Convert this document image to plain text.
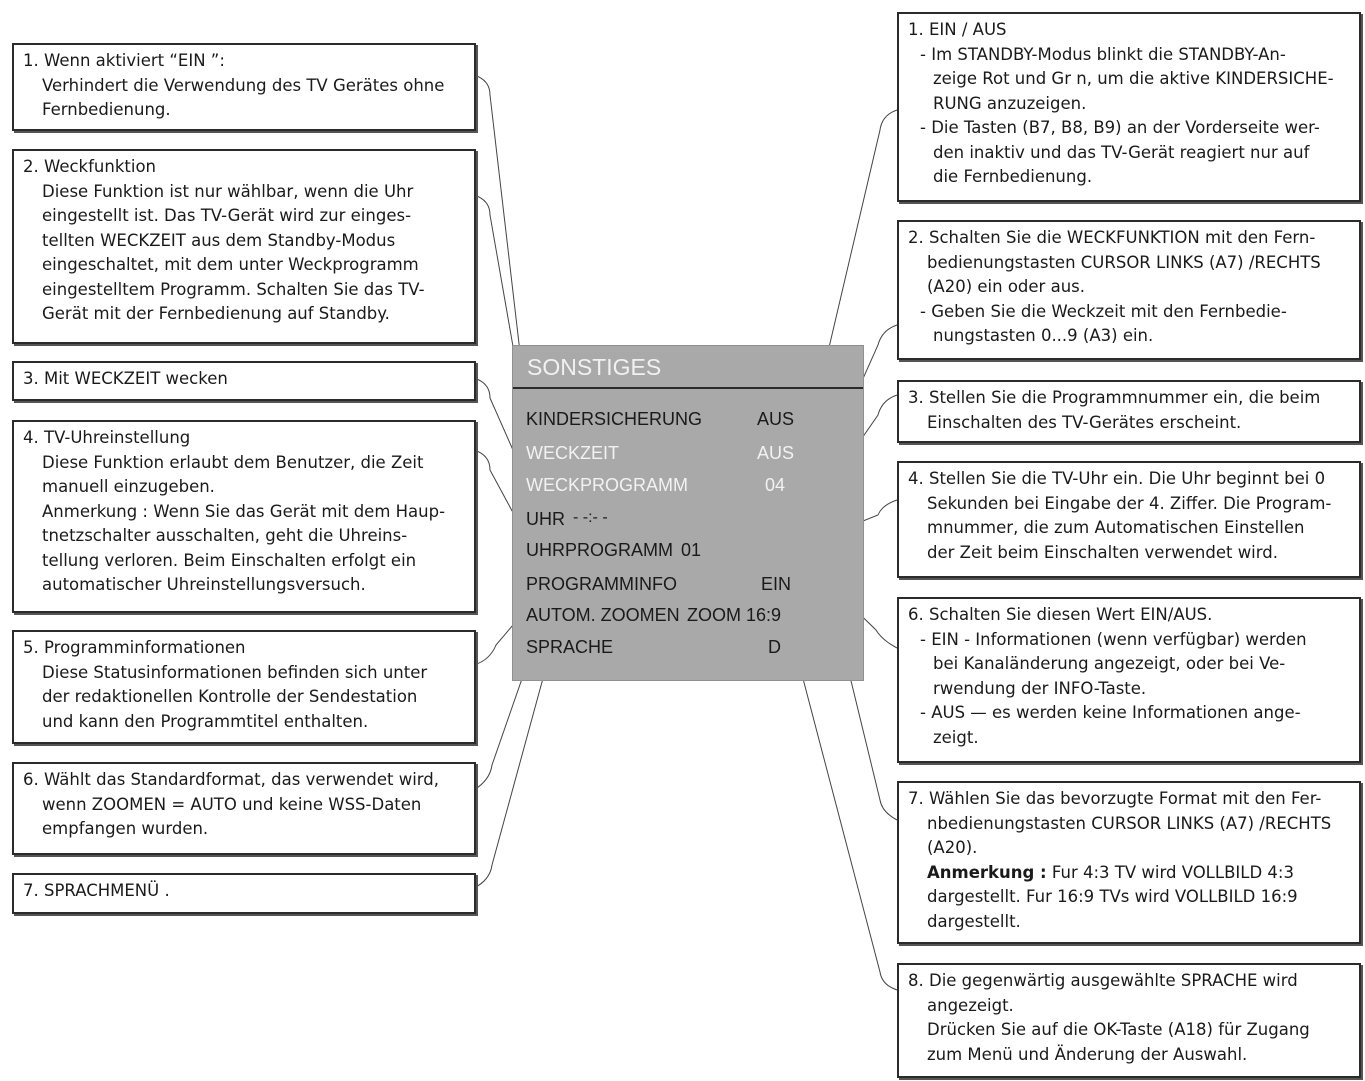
1. Wenn aktiviert “EIN ”:
Verhindert die Verwendung des TV Gerätes ohne
Fernbedienung.
2. Weckfunktion
Diese Funktion ist nur wählbar, wenn die Uhr
eingestellt ist. Das TV-Gerät wird zur einges-
tellten WECKZEIT aus dem Standby-Modus
eingeschaltet, mit dem unter Weckprogramm
eingestelltem Programm. Schalten Sie das TV-
Gerät mit der Fernbedienung auf Standby.
3. Mit WECKZEIT wecken
4. TV-Uhreinstellung
Diese Funktion erlaubt dem Benutzer, die Zeit
manuell einzugeben.
Anmerkung : Wenn Sie das Gerät mit dem Haup-
tnetzschalter ausschalten, geht die Uhreins-
tellung verloren. Beim Einschalten erfolgt ein
automatischer Uhreinstellungsversuch.
5. Programminformationen
Diese Statusinformationen befinden sich unter
der redaktionellen Kontrolle der Sendestation
und kann den Programmtitel enthalten.
6. Wählt das Standardformat, das verwendet wird,
wenn ZOOMEN = AUTO und keine WSS-Daten
empfangen wurden.
7. SPRACHMENÜ .
SONSTIGES
KINDERSICHERUNG	AUS
WECKZEIT	AUS
WECKPROGRAMM	04
UHR - -:- -
UHRPROGRAMM 01
PROGRAMMINFO	EIN
AUTOM. ZOOMEN ZOOM 16:9
SPRACHE	D
1. EIN / AUS
- Im STANDBY-Modus blinkt die STANDBY-An-
zeige Rot und Gr n, um die aktive KINDERSICHE-
RUNG anzuzeigen.
- Die Tasten (B7, B8, B9) an der Vorderseite wer-
den inaktiv und das TV-Gerät reagiert nur auf
die Fernbedienung.
2. Schalten Sie die WECKFUNKTION mit den Fern-
bedienungstasten CURSOR LINKS (A7) /RECHTS
(A20) ein oder aus.
- Geben Sie die Weckzeit mit den Fernbedie-
nungstasten 0...9 (A3) ein.
3. Stellen Sie die Programmnummer ein, die beim
Einschalten des TV-Gerätes erscheint.
4. Stellen Sie die TV-Uhr ein. Die Uhr beginnt bei 0
Sekunden bei Eingabe der 4. Ziffer. Die Program-
mnummer, die zum Automatischen Einstellen
der Zeit beim Einschalten verwendet wird.
6. Schalten Sie diesen Wert EIN/AUS.
- EIN - Informationen (wenn verfügbar) werden
bei Kanaländerung angezeigt, oder bei Ve-
rwendung der INFO-Taste.
- AUS — es werden keine Informationen ange-
zeigt.
7. Wählen Sie das bevorzugte Format mit den Fer-
nbedienungstasten CURSOR LINKS (A7) /RECHTS
(A20).
Anmerkung : Fur 4:3 TV wird VOLLBILD 4:3
dargestellt. Fur 16:9 TVs wird VOLLBILD 16:9
dargestellt.
8. Die gegenwärtig ausgewählte SPRACHE wird
angezeigt.
Drücken Sie auf die OK-Taste (A18) für Zugang
zum Menü und Änderung der Auswahl.
